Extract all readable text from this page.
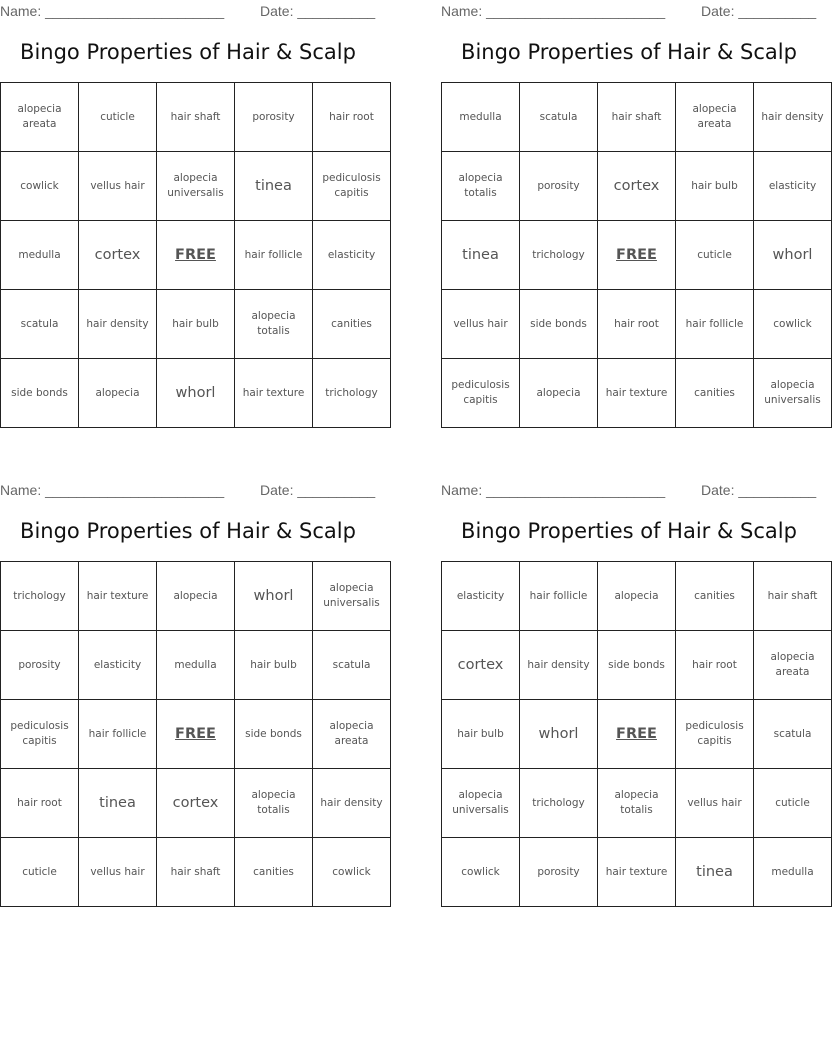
Name: _______________________	Date: __________
Bingo Properties of Hair & Scalp
alopecia areata	cuticle	hair shaft	porosity	hair root
cowlick	vellus hair	alopecia universalis	tinea	pediculosis capitis
medulla	cortex	FREE	hair follicle	elasticity
scatula	hair density	hair bulb	alopecia totalis	canities
side bonds	alopecia	whorl	hair texture	trichology
Name: _______________________	Date: __________
Bingo Properties of Hair & Scalp
medulla	scatula	hair shaft	alopecia areata	hair density
alopecia totalis	porosity	cortex	hair bulb	elasticity
tinea	trichology	FREE	cuticle	whorl
vellus hair	side bonds	hair root	hair follicle	cowlick
pediculosis capitis	alopecia	hair texture	canities	alopecia universalis
Name: _______________________	Date: __________
Bingo Properties of Hair & Scalp
trichology	hair texture	alopecia	whorl	alopecia universalis
porosity	elasticity	medulla	hair bulb	scatula
pediculosis capitis	hair follicle	FREE	side bonds	alopecia areata
hair root	tinea	cortex	alopecia totalis	hair density
cuticle	vellus hair	hair shaft	canities	cowlick
Name: _______________________	Date: __________
Bingo Properties of Hair & Scalp
elasticity	hair follicle	alopecia	canities	hair shaft
cortex	hair density	side bonds	hair root	alopecia areata
hair bulb	whorl	FREE	pediculosis capitis	scatula
alopecia universalis	trichology	alopecia totalis	vellus hair	cuticle
cowlick	porosity	hair texture	tinea	medulla
